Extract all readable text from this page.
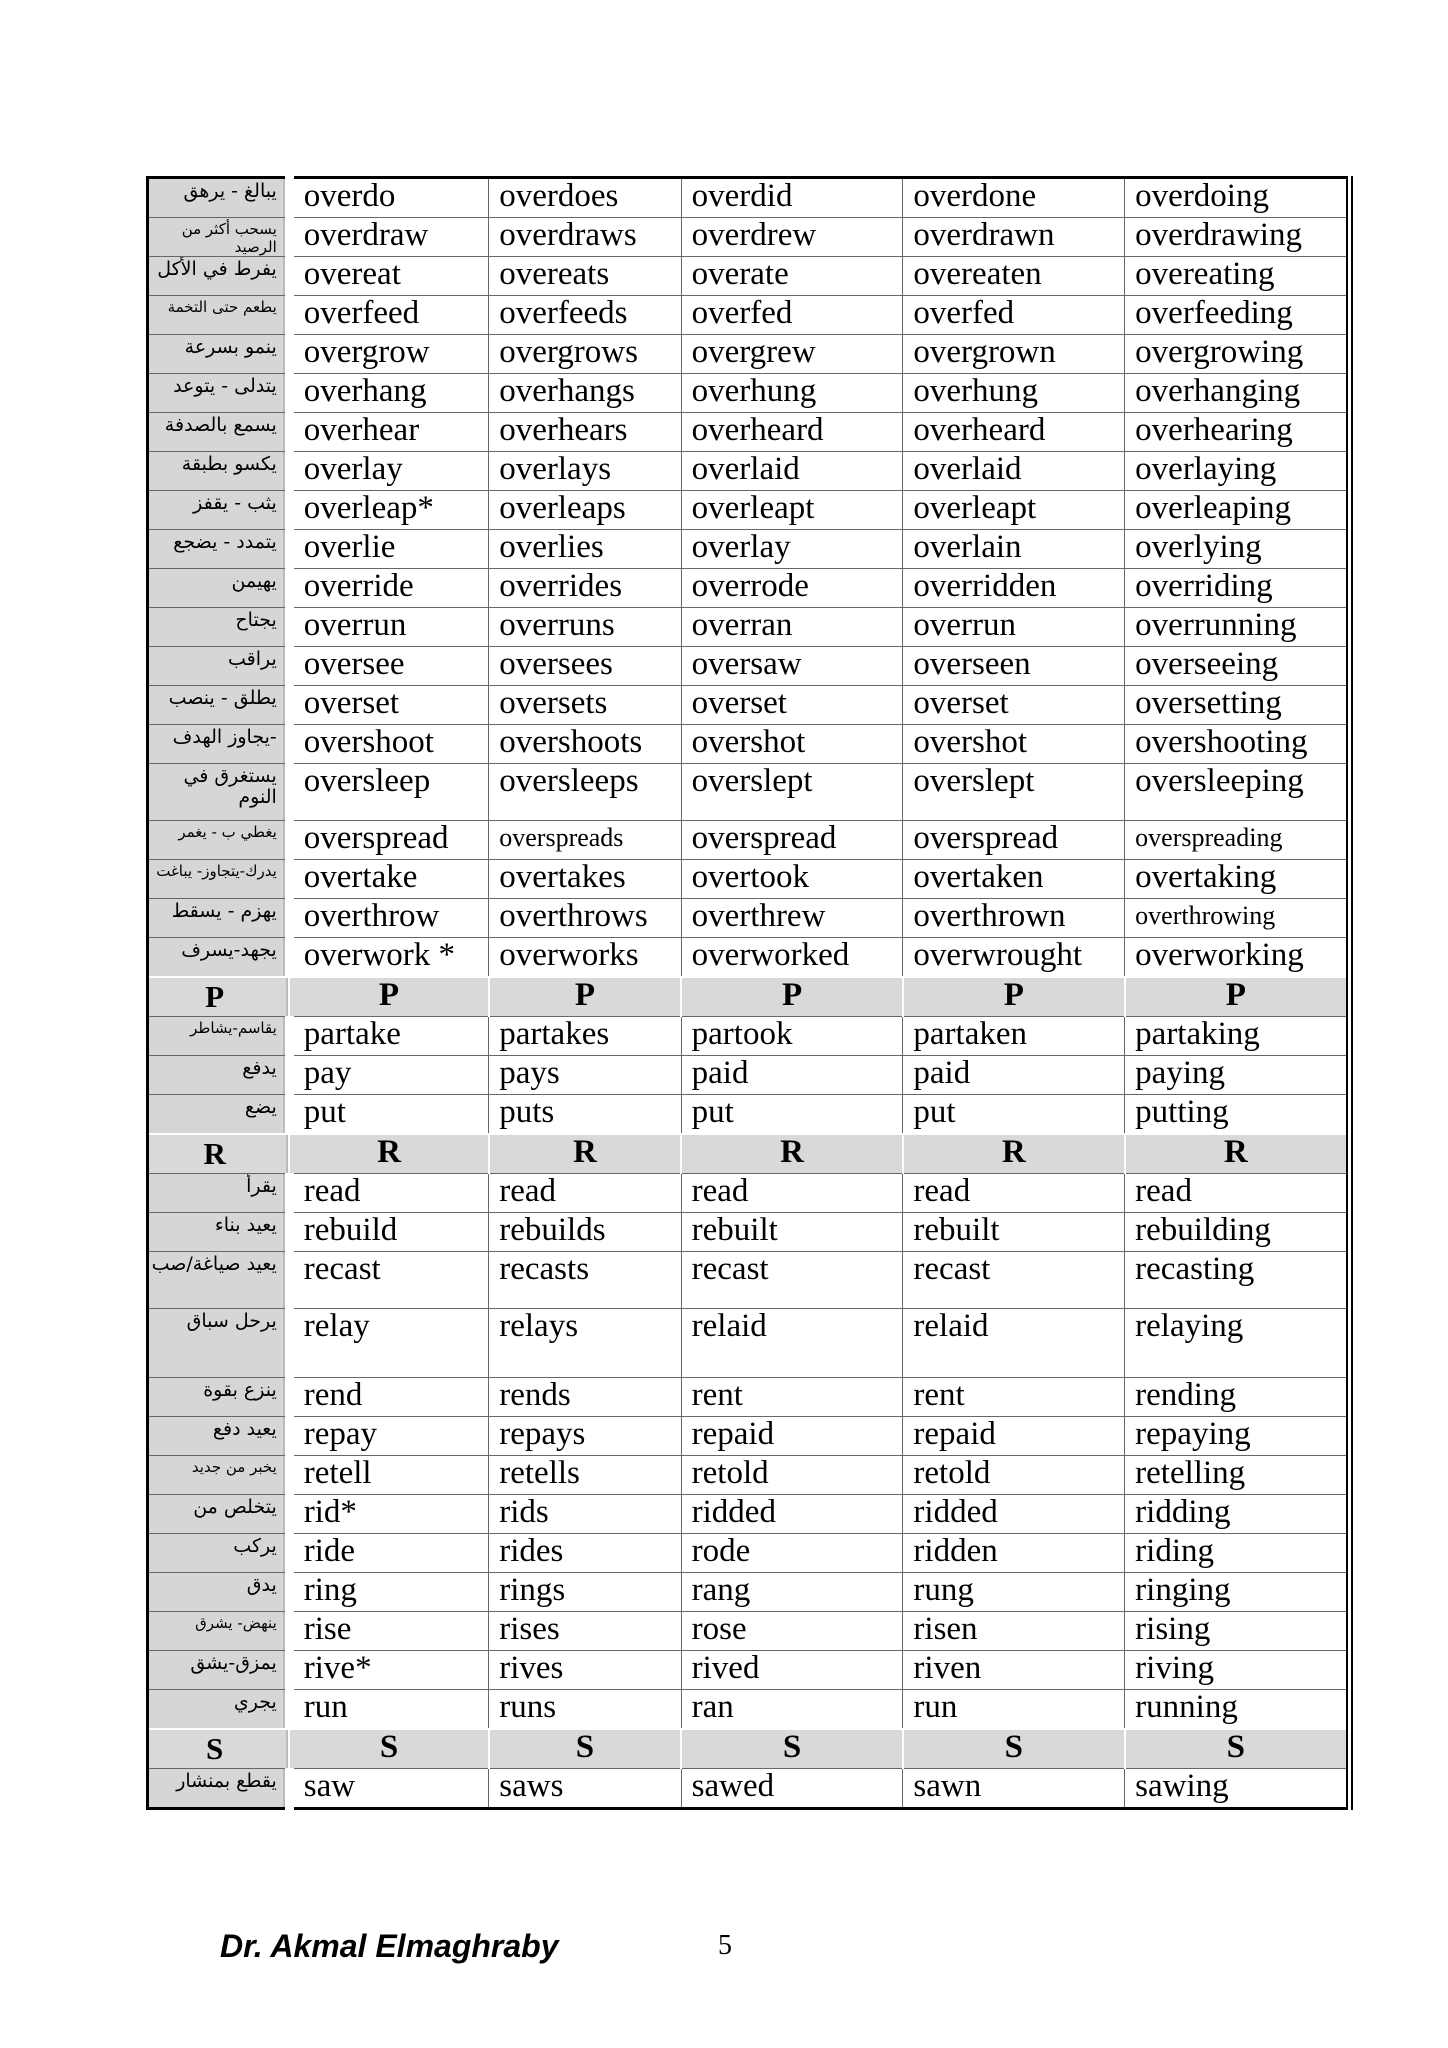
يبالغ - يرهق	overdo	overdoes	overdid	overdone	overdoing
يسحب أكثر من الرصيد	overdraw	overdraws	overdrew	overdrawn	overdrawing
يفرط في الأكل	overeat	overeats	overate	overeaten	overeating
يطعم حتى التخمة	overfeed	overfeeds	overfed	overfed	overfeeding
ينمو بسرعة	overgrow	overgrows	overgrew	overgrown	overgrowing
يتدلى - يتوعد	overhang	overhangs	overhung	overhung	overhanging
يسمع بالصدفة	overhear	overhears	overheard	overheard	overhearing
يكسو بطبقة	overlay	overlays	overlaid	overlaid	overlaying
يثب - يقفز	overleap*	overleaps	overleapt	overleapt	overleaping
يتمدد - يضجع	overlie	overlies	overlay	overlain	overlying
يهيمن	override	overrides	overrode	overridden	overriding
يجتاح	overrun	overruns	overran	overrun	overrunning
يراقب	oversee	oversees	oversaw	overseen	overseeing
يطلق - ينصب	overset	oversets	overset	overset	oversetting
-يجاوز الهدف	overshoot	overshoots	overshot	overshot	overshooting
يستغرق في النوم	oversleep	oversleeps	overslept	overslept	oversleeping
يغطي ب - يغمر	overspread	overspreads	overspread	overspread	overspreading
يدرك-يتجاوز- يباغت	overtake	overtakes	overtook	overtaken	overtaking
يهزم - يسقط	overthrow	overthrows	overthrew	overthrown	overthrowing
يجهد-يسرف	overwork *	overworks	overworked	overwrought	overworking
P	P	P	P	P	P
يقاسم-يشاطر	partake	partakes	partook	partaken	partaking
يدفع	pay	pays	paid	paid	paying
يضع	put	puts	put	put	putting
R	R	R	R	R	R
يقرأ	read	read	read	read	read
يعيد بناء	rebuild	rebuilds	rebuilt	rebuilt	rebuilding
يعيد صياغة/صب	recast	recasts	recast	recast	recasting
يرحل سباق	relay	relays	relaid	relaid	relaying
ينزع بقوة	rend	rends	rent	rent	rending
يعيد دفع	repay	repays	repaid	repaid	repaying
يخبر من جديد	retell	retells	retold	retold	retelling
يتخلص من	rid*	rids	ridded	ridded	ridding
يركب	ride	rides	rode	ridden	riding
يدق	ring	rings	rang	rung	ringing
ينهض- يشرق	rise	rises	rose	risen	rising
يمزق-يشق	rive*	rives	rived	riven	riving
يجري	run	runs	ran	run	running
S	S	S	S	S	S
يقطع بمنشار	saw	saws	sawed	sawn	sawing
Dr. Akmal Elmaghraby	5
